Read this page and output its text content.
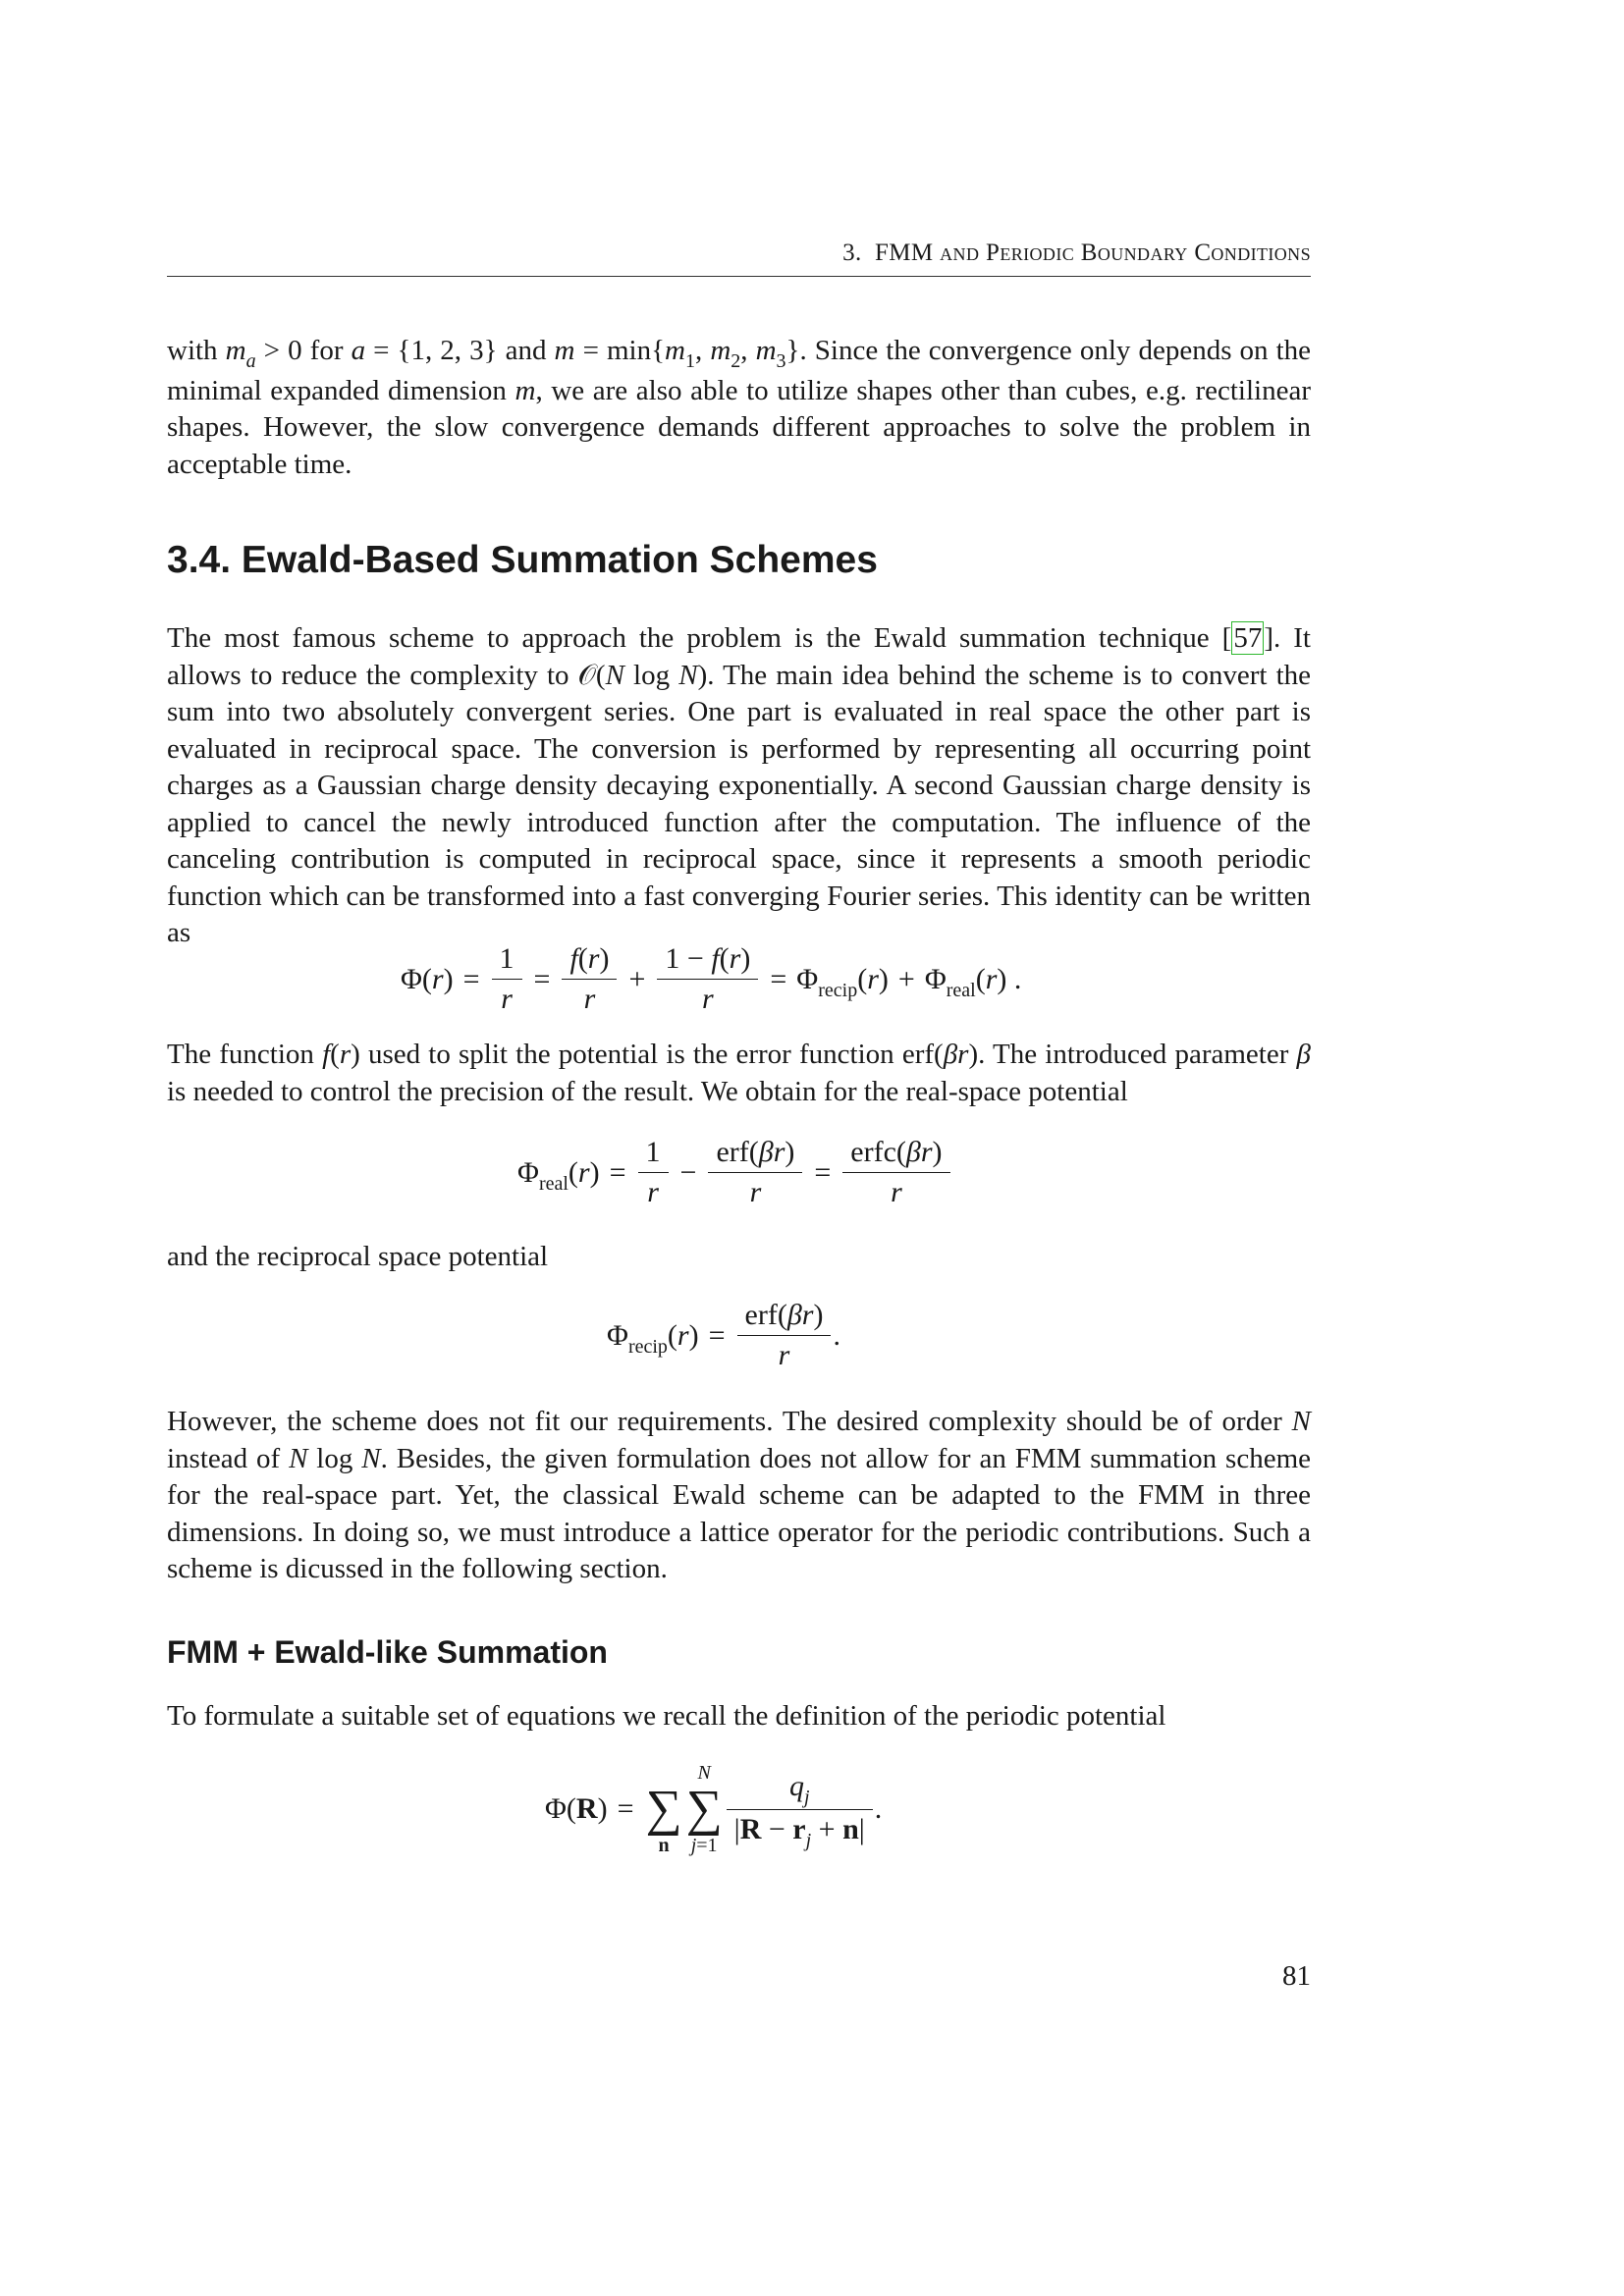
3. FMM and Periodic Boundary Conditions

with $m_a > 0$ for a = {1, 2, 3} and $m = \min\{m_1$, $m_2$, $m_3$}. Since the convergence only depends on the minimal expanded dimension m, we are also able to utilize shapes other than cubes, e.g. rectilinear shapes. However, the slow convergence demands different approaches to solve the problem in acceptable time.

3.4. Ewald-Based Summation Schemes

The most famous scheme to approach the problem is the Ewald summation technique [57]. It allows to reduce the complexity to 𝒪(N log N). The main idea behind the scheme is to convert the sum into two absolutely convergent series. One part is evaluated in real space the other part is evaluated in reciprocal space. The conversion is performed by representing all occurring point charges as a Gaussian charge density decaying exponentially. A second Gaussian charge density is applied to cancel the newly introduced function after the computation. The influence of the canceling contribution is computed in reciprocal space, since it represents a smooth periodic function which can be transformed into a fast converging Fourier series. This identity can be written as

$\Phi(r) = \frac{1}{r} = \frac{f(r)}{r} + \frac{1 - f(r)}{r} = \Phi_{recip}(r) + \Phi_{real}(r)$ .

The function f(r) used to split the potential is the error function erf(βr). The introduced parameter β is needed to control the precision of the result. We obtain for the real-space potential

$\Phi_{real}(r) = \frac{1}{r} - \frac{\text{erf(βr)}}{r} = \frac{\text{erfc(βr)}}{r}$

and the reciprocal space potential

$\Phi_{recip}(r) = \frac{\text{erf(βr)}}{r}$ .

However, the scheme does not fit our requirements. The desired complexity should be of order N instead of N log N. Besides, the given formulation does not allow for an FMM summation scheme for the real-space part. Yet, the classical Ewald scheme can be adapted to the FMM in three dimensions. In doing so, we must introduce a lattice operator for the periodic contributions. Such a scheme is dicussed in the following section.

FMM + Ewald-like Summation

To formulate a suitable set of equations we recall the definition of the periodic potential

Φ(R) =
∑
n
N
∑
$j=1 \frac{q_j}{|R - r_j + n|}$ .
81
